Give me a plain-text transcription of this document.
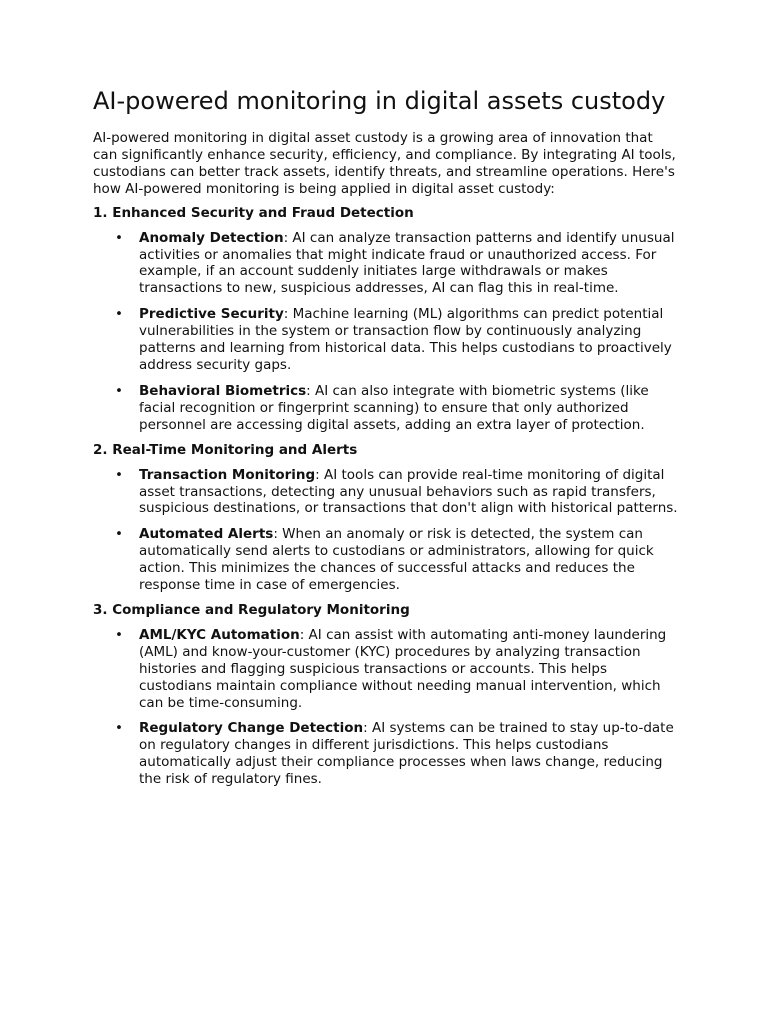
AI-powered monitoring in digital assets custody

AI-powered monitoring in digital asset custody is a growing area of innovation that can significantly enhance security, efficiency, and compliance. By integrating AI tools, custodians can better track assets, identify threats, and streamline operations. Here's how AI-powered monitoring is being applied in digital asset custody:

1. Enhanced Security and Fraud Detection
• Anomaly Detection: AI can analyze transaction patterns and identify unusual activities or anomalies that might indicate fraud or unauthorized access. For example, if an account suddenly initiates large withdrawals or makes transactions to new, suspicious addresses, AI can flag this in real-time.
• Predictive Security: Machine learning (ML) algorithms can predict potential vulnerabilities in the system or transaction flow by continuously analyzing patterns and learning from historical data. This helps custodians to proactively address security gaps.
• Behavioral Biometrics: AI can also integrate with biometric systems (like facial recognition or fingerprint scanning) to ensure that only authorized personnel are accessing digital assets, adding an extra layer of protection.
2. Real-Time Monitoring and Alerts
• Transaction Monitoring: AI tools can provide real-time monitoring of digital asset transactions, detecting any unusual behaviors such as rapid transfers, suspicious destinations, or transactions that don't align with historical patterns.
• Automated Alerts: When an anomaly or risk is detected, the system can automatically send alerts to custodians or administrators, allowing for quick action. This minimizes the chances of successful attacks and reduces the response time in case of emergencies.
3. Compliance and Regulatory Monitoring
• AML/KYC Automation: AI can assist with automating anti-money laundering (AML) and know-your-customer (KYC) procedures by analyzing transaction histories and flagging suspicious transactions or accounts. This helps custodians maintain compliance without needing manual intervention, which can be time-consuming.
• Regulatory Change Detection: AI systems can be trained to stay up-to-date on regulatory changes in different jurisdictions. This helps custodians automatically adjust their compliance processes when laws change, reducing the risk of regulatory fines.
